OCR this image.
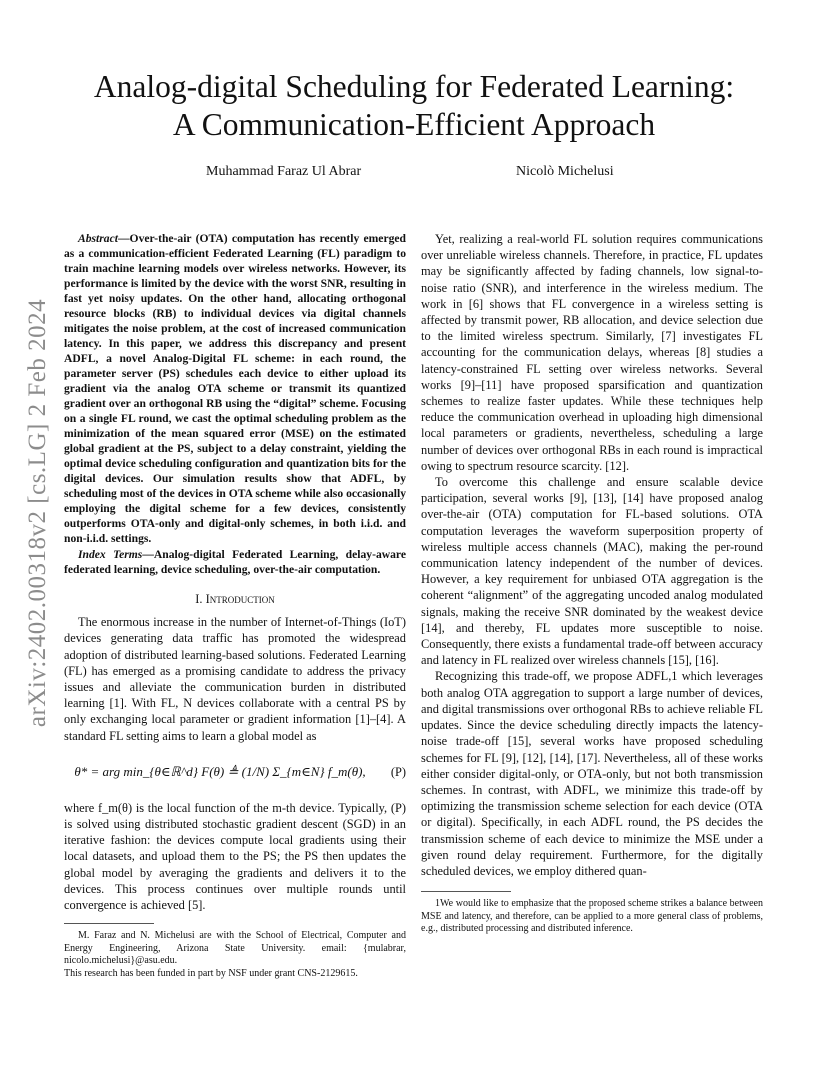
arXiv:2402.00318v2 [cs.LG] 2 Feb 2024
Analog-digital Scheduling for Federated Learning:
A Communication-Efficient Approach
Muhammad Faraz Ul Abrar	Nicolò Michelusi

Abstract—Over-the-air (OTA) computation has recently emerged as a communication-efficient Federated Learning (FL) paradigm to train machine learning models over wireless networks. However, its performance is limited by the device with the worst SNR, resulting in fast yet noisy updates. On the other hand, allocating orthogonal resource blocks (RB) to individual devices via digital channels mitigates the noise problem, at the cost of increased communication latency. In this paper, we address this discrepancy and present ADFL, a novel Analog-Digital FL scheme: in each round, the parameter server (PS) schedules each device to either upload its gradient via the analog OTA scheme or transmit its quantized gradient over an orthogonal RB using the “digital” scheme. Focusing on a single FL round, we cast the optimal scheduling problem as the minimization of the mean squared error (MSE) on the estimated global gradient at the PS, subject to a delay constraint, yielding the optimal device scheduling configuration and quantization bits for the digital devices. Our simulation results show that ADFL, by scheduling most of the devices in OTA scheme while also occasionally employing the digital scheme for a few devices, consistently outperforms OTA-only and digital-only schemes, in both i.i.d. and non-i.i.d. settings.

Index Terms—Analog-digital Federated Learning, delay-aware federated learning, device scheduling, over-the-air computation.

I. Introduction

The enormous increase in the number of Internet-of-Things (IoT) devices generating data traffic has promoted the widespread adoption of distributed learning-based solutions. Federated Learning (FL) has emerged as a promising candidate to address the privacy issues and alleviate the communication burden in distributed learning [1]. With FL, N devices collaborate with a central PS by only exchanging local parameter or gradient information [1]–[4]. A standard FL setting aims to learn a global model as

θ* = arg min_{θ∈ℝ^d} F(θ) ≜ (1/N) Σ_{m∈N} f_m(θ),	(P)

where f_m(θ) is the local function of the m-th device. Typically, (P) is solved using distributed stochastic gradient descent (SGD) in an iterative fashion: the devices compute local gradients using their local datasets, and upload them to the PS; the PS then updates the global model by averaging the gradients and delivers it to the devices. This process continues over multiple rounds until convergence is achieved [5].

M. Faraz and N. Michelusi are with the School of Electrical, Computer and Energy Engineering, Arizona State University. email: {mulabrar, nicolo.michelusi}@asu.edu.

This research has been funded in part by NSF under grant CNS-2129615.

Yet, realizing a real-world FL solution requires communications over unreliable wireless channels. Therefore, in practice, FL updates may be significantly affected by fading channels, low signal-to-noise ratio (SNR), and interference in the wireless medium. The work in [6] shows that FL convergence in a wireless setting is affected by transmit power, RB allocation, and device selection due to the limited wireless spectrum. Similarly, [7] investigates FL accounting for the communication delays, whereas [8] studies a latency-constrained FL setting over wireless networks. Several works [9]–[11] have proposed sparsification and quantization schemes to realize faster updates. While these techniques help reduce the communication overhead in uploading high dimensional local parameters or gradients, nevertheless, scheduling a large number of devices over orthogonal RBs in each round is impractical owing to spectrum resource scarcity. [12].

To overcome this challenge and ensure scalable device participation, several works [9], [13], [14] have proposed analog over-the-air (OTA) computation for FL-based solutions. OTA computation leverages the waveform superposition property of wireless multiple access channels (MAC), making the per-round communication latency independent of the number of devices. However, a key requirement for unbiased OTA aggregation is the coherent “alignment” of the aggregating uncoded analog modulated signals, making the receive SNR dominated by the weakest device [14], and thereby, FL updates more susceptible to noise. Consequently, there exists a fundamental trade-off between accuracy and latency in FL realized over wireless channels [15], [16].

Recognizing this trade-off, we propose ADFL,1 which leverages both analog OTA aggregation to support a large number of devices, and digital transmissions over orthogonal RBs to achieve reliable FL updates. Since the device scheduling directly impacts the latency-noise trade-off [15], several works have proposed scheduling schemes for FL [9], [12], [14], [17]. Nevertheless, all of these works either consider digital-only, or OTA-only, but not both transmission schemes. In contrast, with ADFL, we minimize this trade-off by optimizing the transmission scheme selection for each device (OTA or digital). Specifically, in each ADFL round, the PS decides the transmission scheme of each device to minimize the MSE under a given round delay requirement. Furthermore, for the digitally scheduled devices, we employ dithered quan-

1We would like to emphasize that the proposed scheme strikes a balance between MSE and latency, and therefore, can be applied to a more general class of problems, e.g., distributed processing and distributed inference.
